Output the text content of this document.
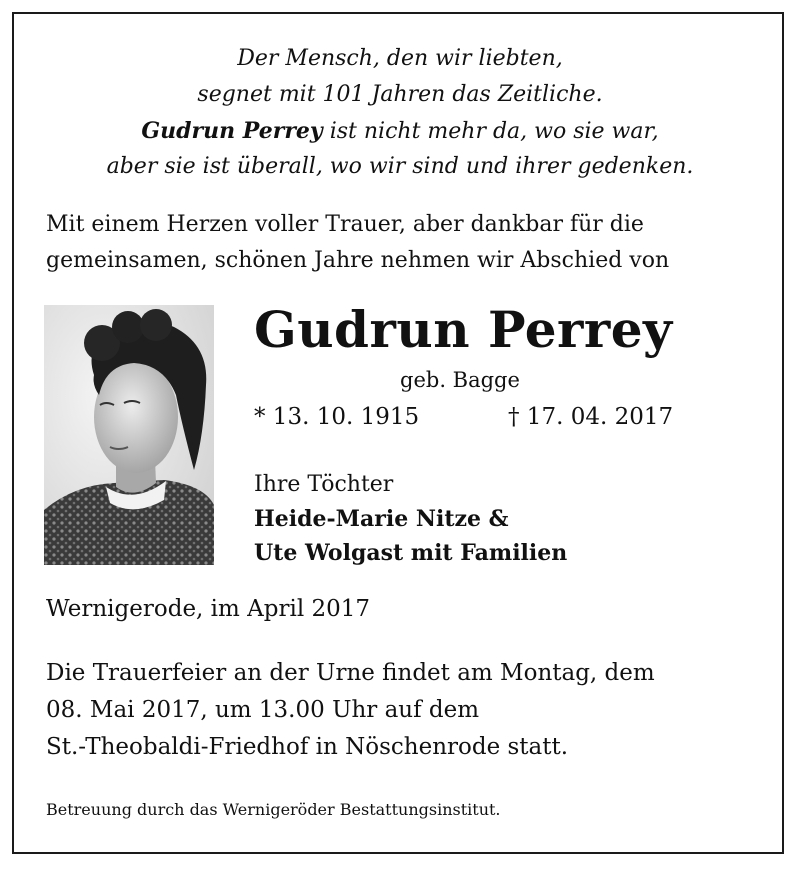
Der Mensch, den wir liebten,

segnet mit 101 Jahren das Zeitliche.

Gudrun Perrey ist nicht mehr da, wo sie war,

aber sie ist überall, wo wir sind und ihrer gedenken.

Mit einem Herzen voller Trauer, aber dankbar für die

gemeinsamen, schönen Jahre nehmen wir Abschied von

Gudrun Perrey

geb. Bagge

* 13. 10. 1915	† 17. 04. 2017

Ihre Töchter

Heide-Marie Nitze &

Ute Wolgast mit Familien

Wernigerode, im April 2017

Die Trauerfeier an der Urne findet am Montag, dem

08. Mai 2017, um 13.00 Uhr auf dem

St.-Theobaldi-Friedhof in Nöschenrode statt.

Betreuung durch das Wernigeröder Bestattungsinstitut.
